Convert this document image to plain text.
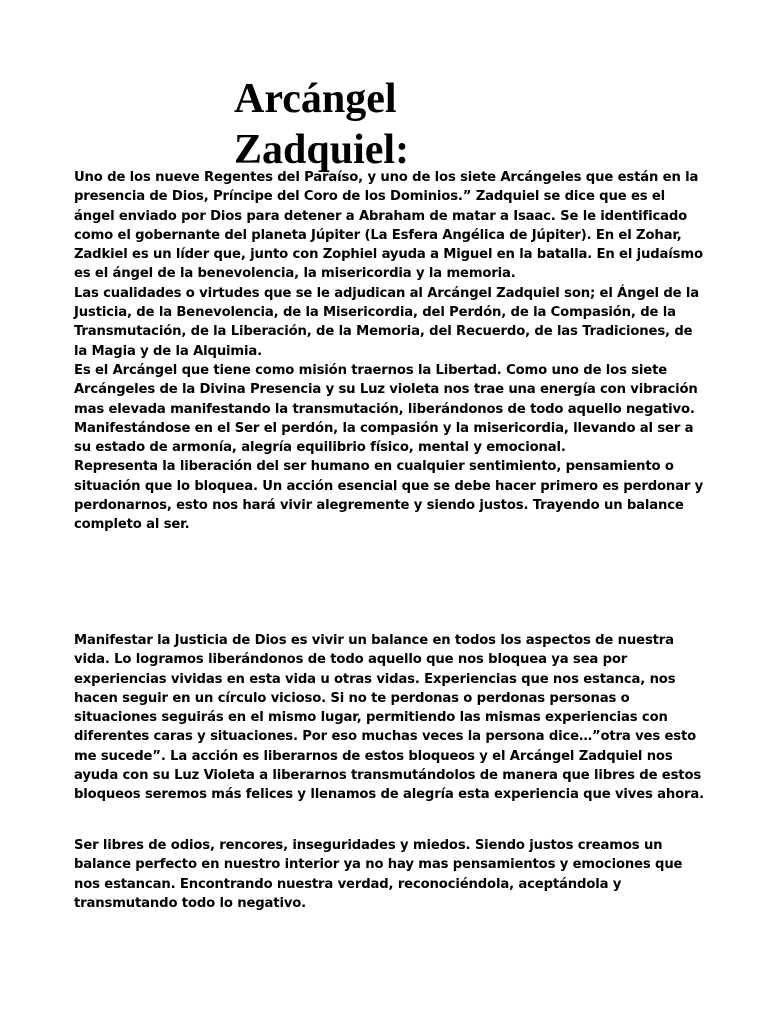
Arcángel
Zadquiel:

Uno de los nueve Regentes del Paraíso, y uno de los siete Arcángeles que están en la presencia de Dios, Príncipe del Coro de los Dominios.” Zadquiel se dice que es el ángel enviado por Dios para detener a Abraham de matar a Isaac. Se le identificado como el gobernante del planeta Júpiter (La Esfera Angélica de Júpiter). En el Zohar, Zadkiel es un líder que, junto con Zophiel ayuda a Miguel en la batalla. En el judaísmo es el ángel de la benevolencia, la misericordia y la memoria.

Las cualidades o virtudes que se le adjudican al Arcángel Zadquiel son; el Ángel de la Justicia, de la Benevolencia, de la Misericordia, del Perdón, de la Compasión, de la Transmutación, de la Liberación, de la Memoria, del Recuerdo, de las Tradiciones, de la Magia y de la Alquimia.

Es el Arcángel que tiene como misión traernos la Libertad. Como uno de los siete Arcángeles de la Divina Presencia y su Luz violeta nos trae una energía con vibración mas elevada manifestando la transmutación, liberándonos de todo aquello negativo. Manifestándose en el Ser el perdón, la compasión y la misericordia, llevando al ser a su estado de armonía, alegría equilibrio físico, mental y emocional.

Representa la liberación del ser humano en cualquier sentimiento, pensamiento o situación que lo bloquea. Un acción esencial que se debe hacer primero es perdonar y perdonarnos, esto nos hará vivir alegremente y siendo justos. Trayendo un balance completo al ser.

Manifestar la Justicia de Dios es vivir un balance en todos los aspectos de nuestra vida. Lo logramos liberándonos de todo aquello que nos bloquea ya sea por experiencias vividas en esta vida u otras vidas. Experiencias que nos estanca, nos hacen seguir en un círculo vicioso. Si no te perdonas o perdonas personas o situaciones seguirás en el mismo lugar, permitiendo las mismas experiencias con diferentes caras y situaciones. Por eso muchas veces la persona dice…”otra ves esto me sucede”. La acción es liberarnos de estos bloqueos y el Arcángel Zadquiel nos ayuda con su Luz Violeta a liberarnos transmutándolos de manera que libres de estos bloqueos seremos más felices y llenamos de alegría esta experiencia que vives ahora.

Ser libres de odios, rencores, inseguridades y miedos. Siendo justos creamos un balance perfecto en nuestro interior ya no hay mas pensamientos y emociones que nos estancan. Encontrando nuestra verdad, reconociéndola, aceptándola y transmutando todo lo negativo.
